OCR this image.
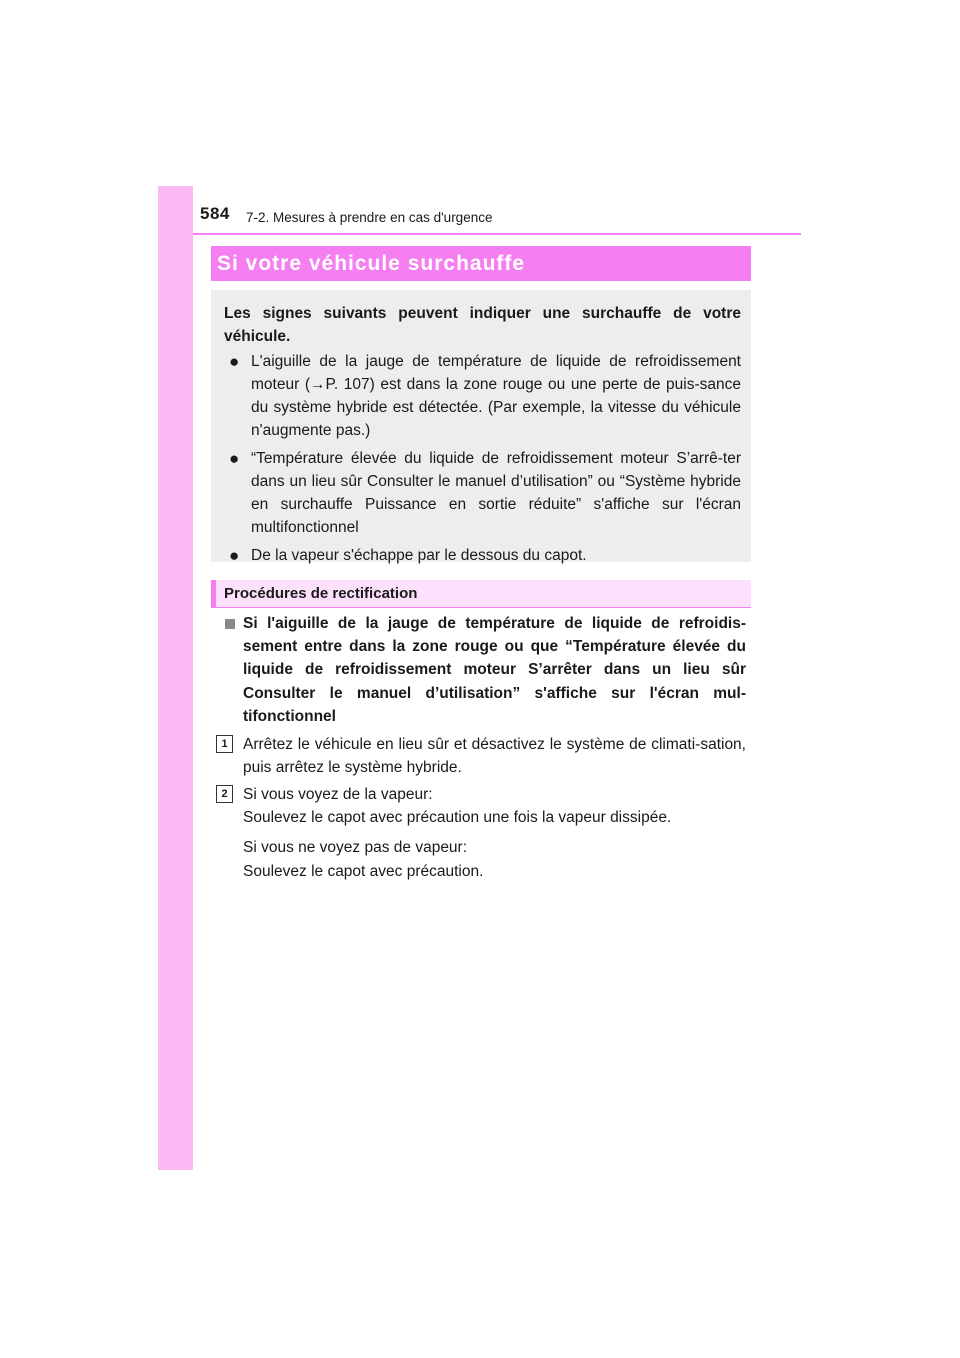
584 7-2. Mesures à prendre en cas d'urgence
Si votre véhicule surchauffe
Les signes suivants peuvent indiquer une surchauffe de votre véhicule.
● L'aiguille de la jauge de température de liquide de refroidissement moteur (→P. 107) est dans la zone rouge ou une perte de puis-sance du système hybride est détectée. (Par exemple, la vitesse du véhicule n'augmente pas.)
● “Température élevée du liquide de refroidissement moteur S’arrê-ter dans un lieu sûr Consulter le manuel d’utilisation” ou “Système hybride en surchauffe Puissance en sortie réduite” s'affiche sur l'écran multifonctionnel
● De la vapeur s'échappe par le dessous du capot.
Procédures de rectification
Si l'aiguille de la jauge de température de liquide de refroidis-sement entre dans la zone rouge ou que “Température élevée du liquide de refroidissement moteur S’arrêter dans un lieu sûr Consulter le manuel d’utilisation” s'affiche sur l'écran mul-tifonctionnel
1 Arrêtez le véhicule en lieu sûr et désactivez le système de climati-sation, puis arrêtez le système hybride.
2 Si vous voyez de la vapeur:
Soulevez le capot avec précaution une fois la vapeur dissipée.
Si vous ne voyez pas de vapeur:
Soulevez le capot avec précaution.
